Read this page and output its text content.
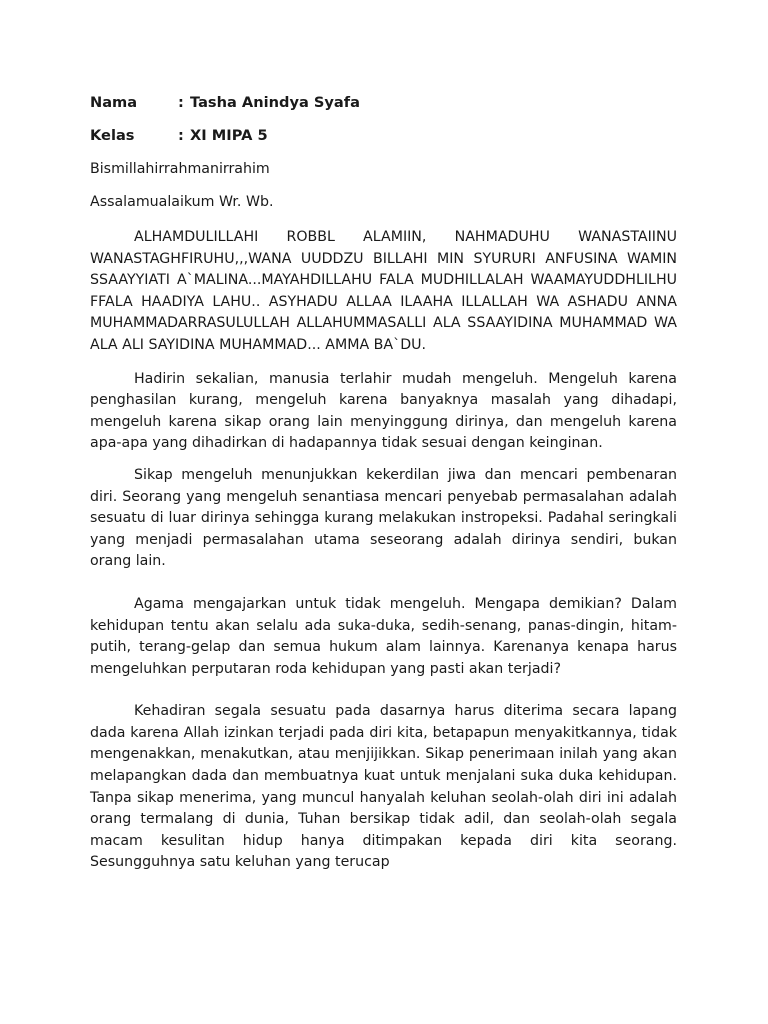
Nama	: Tasha Anindya Syafa
Kelas	: XI MIPA 5

Bismillahirrahmanirrahim

Assalamualaikum Wr. Wb.

ALHAMDULILLAHI ROBBL ALAMIIN, NAHMADUHU WANASTAIINU WANASTAGHFIRUHU,,,WANA UUDDZU BILLAHI MIN SYURURI ANFUSINA WAMIN SSAAYYIATI A`MALINA...MAYAHDILLAHU FALA MUDHILLALAH WAAMAYUDDHLILHU FFALA HAADIYA LAHU.. ASYHADU ALLAA ILAAHA ILLALLAH WA ASHADU ANNA MUHAMMADARRASULULLAH ALLAHUMMASALLI ALA SSAAYIDINA MUHAMMAD WA ALA ALI SAYIDINA MUHAMMAD... AMMA BA`DU.

Hadirin sekalian, manusia terlahir mudah mengeluh. Mengeluh karena penghasilan kurang, mengeluh karena banyaknya masalah yang dihadapi, mengeluh karena sikap orang lain menyinggung dirinya, dan mengeluh karena apa-apa yang dihadirkan di hadapannya tidak sesuai dengan keinginan.

Sikap mengeluh menunjukkan kekerdilan jiwa dan mencari pembenaran diri. Seorang yang mengeluh senantiasa mencari penyebab permasalahan adalah sesuatu di luar dirinya sehingga kurang melakukan instropeksi. Padahal seringkali yang menjadi permasalahan utama seseorang adalah dirinya sendiri, bukan orang lain.

Agama mengajarkan untuk tidak mengeluh. Mengapa demikian? Dalam kehidupan tentu akan selalu ada suka-duka, sedih-senang, panas-dingin, hitam-putih, terang-gelap dan semua hukum alam lainnya. Karenanya kenapa harus mengeluhkan perputaran roda kehidupan yang pasti akan terjadi?

Kehadiran segala sesuatu pada dasarnya harus diterima secara lapang dada karena Allah izinkan terjadi pada diri kita, betapapun menyakitkannya, tidak mengenakkan, menakutkan, atau menjijikkan. Sikap penerimaan inilah yang akan melapangkan dada dan membuatnya kuat untuk menjalani suka duka kehidupan. Tanpa sikap menerima, yang muncul hanyalah keluhan seolah-olah diri ini adalah orang termalang di dunia, Tuhan bersikap tidak adil, dan seolah-olah segala macam kesulitan hidup hanya ditimpakan kepada diri kita seorang. Sesungguhnya satu keluhan yang terucap
